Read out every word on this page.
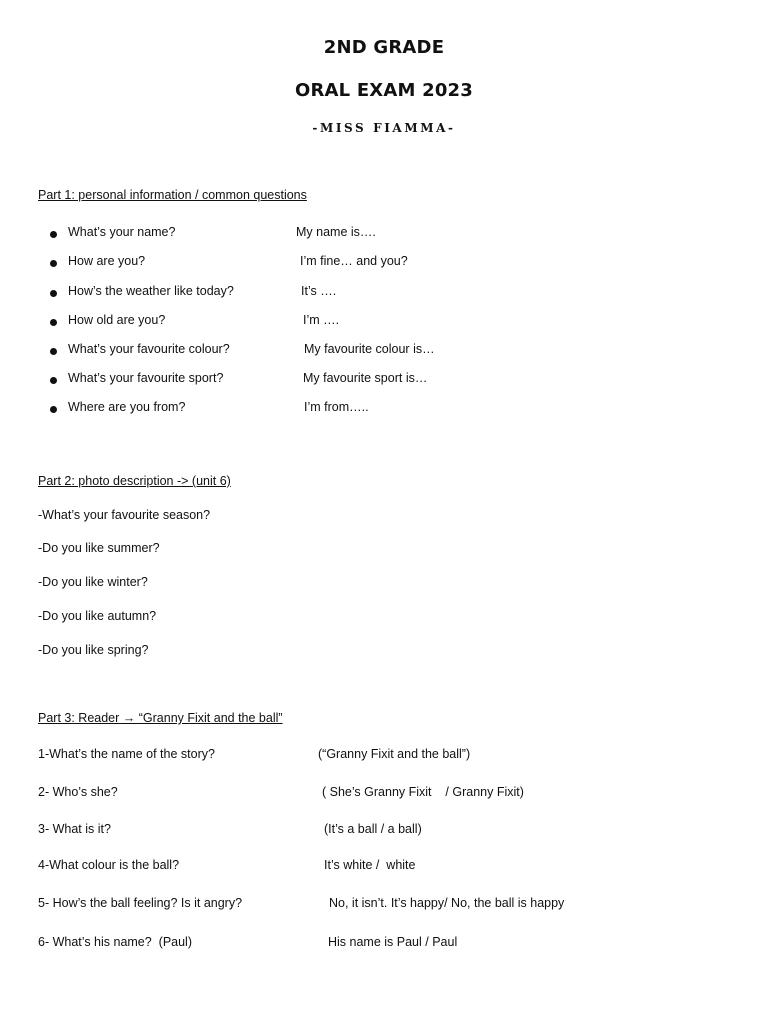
2ND GRADE
ORAL EXAM 2023
-MISS FIAMMA-
Part 1: personal information / common questions
What’s your name?	My name is….
How are you?	I’m fine… and you?
How’s the weather like today?	It’s ….
How old are you?	I’m ….
What’s your favourite colour?	My favourite colour is…
What’s your favourite sport?	My favourite sport is…
Where are you from?	I’m from…..
Part 2: photo description -> (unit 6)
-What’s your favourite season?
-Do you like summer?
-Do you like winter?
-Do you like autumn?
-Do you like spring?
Part 3: Reader → “Granny Fixit and the ball”
1-What’s the name of the story?	(“Granny Fixit and the ball”)
2- Who’s she?	( She’s Granny Fixit    / Granny Fixit)
3- What is it?	(It’s a ball / a ball)
4-What colour is the ball?	It’s white /  white
5- How’s the ball feeling? Is it angry?	No, it isn’t. It’s happy/ No, the ball is happy
6- What’s his name?  (Paul)	His name is Paul / Paul
